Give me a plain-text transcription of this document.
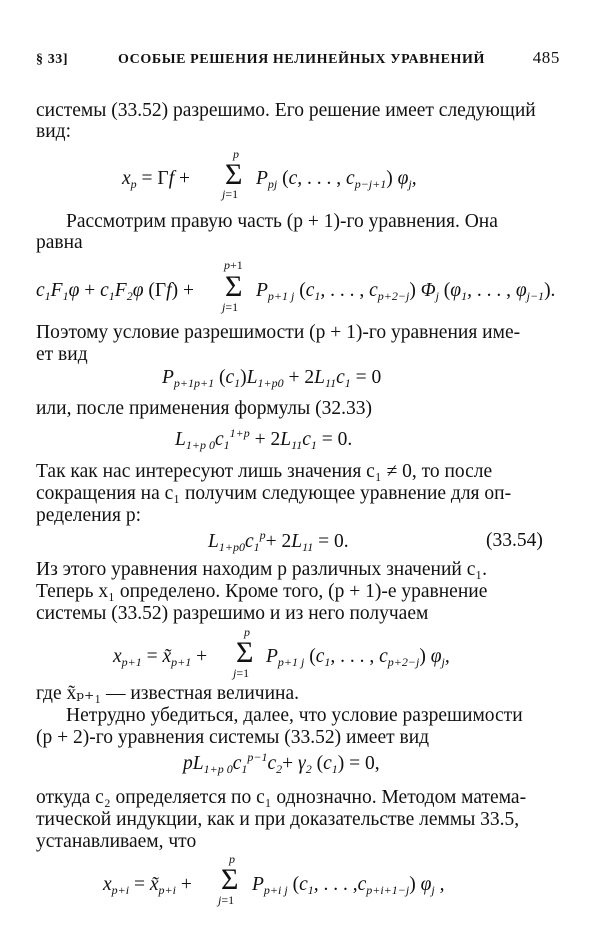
§ 33]	ОСОБЫЕ РЕШЕНИЯ НЕЛИНЕЙНЫХ УРАВНЕНИЙ	485
системы (33.52) разрешимо. Его решение имеет следующий
вид:
$x_p = \Gamma f$ +
p
Σ
j=1
$P_{pj}$ (c, . . . , $c_{p-j+1}$) $\varphi_j$,
Рассмотрим правую часть (p + 1)-го уравнения. Она
равна
$c_1F_1\varphi + c_1F_2\varphi$ (Γf) +
p+1
Σ
j=1
$P_{p+1 j}$ ($c_1$, . . . , $c_{p+2-j}$) $\Phi_j$ ($\varphi_1$, . . . , $\varphi_{j-1}$).
Поэтому условие разрешимости (p + 1)-го уравнения име-
ет вид
$P_{p+1p+1}$ $(c_1)L_{1+p0} + 2L_{11}c_1 = 0$
или, после применения формулы (32.33)
$L_{1+p 0}c_1^{1+p} + 2L_{11}c_1 = 0$.
Так как нас интересуют лишь значения c₁ ≠ 0, то после
сокращения на c₁ получим следующее уравнение для оп-
ределения p:
$L_{1+p0}c_1^p+ 2L_{11} = 0$.	(33.54)
Из этого уравнения находим p различных значений c₁.
Теперь x₁ определено. Кроме того, (p + 1)-е уравнение
системы (33.52) разрешимо и из него получаем
$x_{p+1}$ = $x̃_{p+1}$ +
p
Σ
j=1
$P_{p+1 j}$ ($c_1$, . . . , $c_{p+2-j}$) $\varphi_j$,
где x̃ₚ₊₁ — известная величина.
Нетрудно убедиться, далее, что условие разрешимости
(p + 2)-го уравнения системы (33.52) имеет вид
$pL_{1+p 0}c_1^{p-1}c_2+ \gamma_2$ $(c_1) = 0$,
откуда c₂ определяется по c₁ однозначно. Методом матема-
тической индукции, как и при доказательстве леммы 33.5,
устанавливаем, что
$x_{p+i}$ = $x̃_{p+i}$ +
p
Σ
j=1
$P_{p+i j}$ ($c_1$, . . . $,c_{p+i+1-j}$) $\varphi_j$ ,
